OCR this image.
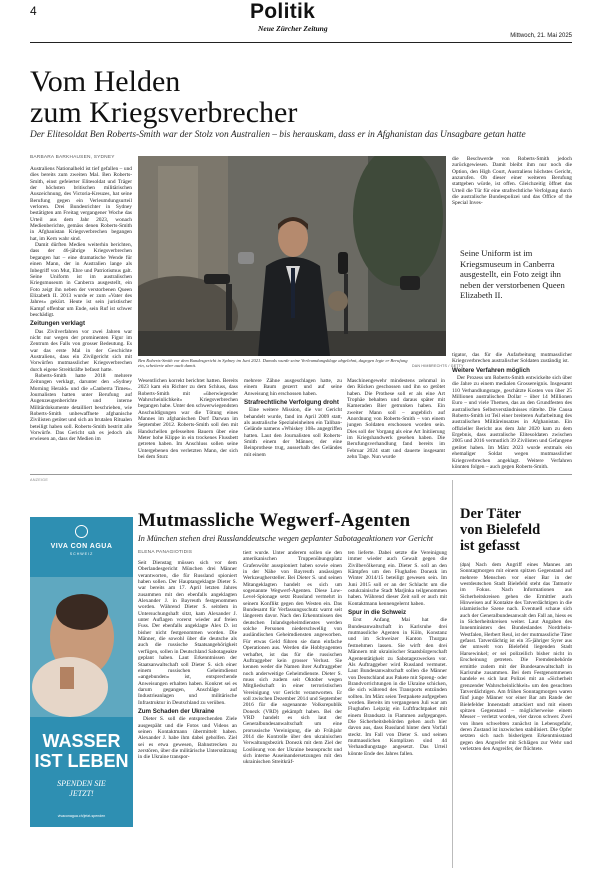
4	Politik
Neue Zürcher Zeitung
Mittwoch, 21. Mai 2025
Vom Helden
zum Kriegsverbrecher
Der Elitesoldat Ben Roberts-Smith war der Stolz von Australien – bis herauskam, dass er in Afghanistan das Unsagbare getan hatte
BARBARA BARKHAUSEN, SYDNEY

Australiens Nationalheld ist tief gefallen – und dies bereits zum zweiten Mal. Ben Roberts-Smith, einst gefeierter Elitesoldat und Träger der höchsten britischen militärischen Auszeichnung, des Victoria-Kreuzes, hat seine Berufung gegen ein Verleumdungsurteil verloren. Drei Bundesrichter in Sydney bestätigten am Freitag vergangener Woche das Urteil aus dem Jahr 2023, wonach Medienberichte, gemäss denen Roberts-Smith in Afghanistan Kriegsverbrechen begangen hat, im Kern wahr sind.

Damit dürften Medien weiterhin berichten, dass der 46-jährige Kriegsverbrechen begangen hat – eine dramatische Wende für einen Mann, der in Australien lange als Inbegriff von Mut, Ehre und Patriotismus galt. Seine Uniform ist im australischen Kriegsmuseum in Canberra ausgestellt, ein Foto zeigt ihn neben der verstorbenen Queen Elizabeth II. 2013 wurde er zum «Vater des Jahres» gekürt. Heute ist sein juristischer Kampf offenbar um Ende, sein Ruf ist schwer beschädigt.

Zeitungen verklagt

Das Zivilverfahren vor zwei Jahren war nicht nur wegen der prominenten Figur im Zentrum des Falls von grosser Bedeutung. Es war das erste Mal in der Geschichte Australiens, dass ein Zivilgericht sich mit Vorwürfen mutmasslicher Kriegsverbrechen durch eigene Streitkräfte befasst hatte.

Roberts-Smith hatte 2018 mehrere Zeitungen verklagt, darunter den «Sydney Morning Herald» und die «Canberra Times». Journalisten hatten unter Berufung auf Augenzeugenberichte und interne Militärdokumente detailliert beschrieben, wie Roberts-Smith unbewaffnete afghanische Zivilisten getötet und sich an brutalen Ritualen beteiligt haben soll. Roberts-Smith bestritt alle Vorwürfe. Das Gericht sah es jedoch als erwiesen an, dass der Medien im

DAN HIMBRECHTS / GETTY
Ben Roberts-Smith vor dem Bundesgericht in Sydney im Juni 2021. Damals wurde seine Verleumdungsklage abgelehnt, dagegen legte er Berufung ein, scheiterte aber auch damit.

Wesentlichen korrekt berichtet hatten. Bereits 2023 kam ein Richter zu dem Schluss, dass Roberts-Smith mit «überwiegender Wahrscheinlichkeit» Kriegsverbrechen begangen habe. Unter den schwerwiegendsten Anschuldigungen war die Tötung eines Mannes im afghanischen Dorf Darwan im September 2012. Roberts-Smith soll den mit Handschellen gefesselten Bauern über eine Meter hohe Klippe in ein trockenes Flussbett getreten haben. Im Anschluss sollen seine Untergebenen den verletzten Mann, der sich bei dem Sturz

mehrere Zähne ausgeschlagen hatte, zu einem Baum gezerrt und auf seine Anweisung hin erschossen haben.

Strafrechtliche Verfolgung droht

Eine weitere Mission, die vor Gericht behandelt wurde, fand im April 2009 statt, als australische Spezialeinheiten ein Taliban-Gelände namens «Whiskey 108» angegriffen hatten. Laut den Journalisten soll Roberts-Smith einem der Männer, der eine Beinprothese trug, ausserhalb des Geländes mit einem

Maschinengewehr mindestens zehnmal in den Rücken geschossen und ihn so getötet haben. Die Prothese soll er als eine Art Trophäe behalten und daraus später mit Kameraden Bier getrunken haben. Ein zweiter Mann soll – angeblich auf Anordnung von Roberts-Smith – von einem jungen Soldaten erschossen worden sein. Dies soll der Vorgang als eine Art Initiierung im Kriegshandwerk gesehen haben. Die Berufungsverhandlung fand bereits im Februar 2024 statt und dauerte insgesamt zehn Tage. Nun wurde

die Beschwerde von Roberts-Smith jedoch zurückgewiesen. Damit bleibt ihm nur noch die Option, den High Court, Australiens höchstes Gericht, anzurufen. Ob dieser einer weiteren Berufung stattgeben würde, ist offen. Gleichzeitig öffnet das Urteil die Tür für eine strafrechtliche Verfolgung durch die australische Bundespolizei und das Office of the Special Inves-

Seine Uniform ist im Kriegsmuseum in Canberra ausgestellt, ein Foto zeigt ihn neben der verstorbenen Queen Elizabeth II.

tigator, das für die Aufarbeitung mutmasslicher Kriegsverbrechen australischer Soldaten zuständig ist.

Weitere Verfahren möglich

Der Prozess um Roberts-Smith entwickelte sich über die Jahre zu einem medialen Grossereignis. Insgesamt 110 Verhandlungstage, geschätzte Kosten von über 25 Millionen australischen Dollar – über 14 Millionen Euro – und viele Themen, das an den Grundfesten des australischen Selbstverständnisses rüttelte. Die Causa Roberts-Smith ist Teil einer breiteren Aufarbeitung des australischen Militäreinsatzes in Afghanistan. Ein offizieller Bericht aus dem Jahr 2020 kam zu dem Ergebnis, dass australische Elitesoldaten zwischen 2005 und 2016 vermutlich 39 Zivilisten und Gefangene getötet haben. Im März 2023 wurde erstmals ein ehemaliger Soldat wegen mutmasslicher Kriegsverbrechen angeklagt. Weitere Verfahren könnten folgen – auch gegen Roberts-Smith.

ANZEIGE
VIVA CON AGUA
SCHWEIZ
WASSER
IST LEBEN
SPENDEN SIE
JETZT!
vivaconagua.ch/jetzt-spenden
Mutmassliche Wegwerf-Agenten
In München stehen drei Russlanddeutsche wegen geplanter Sabotageaktionen vor Gericht
ELENA PANAGIOTIDIS

Seit Dienstag müssen sich vor dem Oberlandesgericht München drei Männer verantworten, die für Russland spioniert haben sollen. Der Hauptangeklagte Dieter S. war bereits am 17. April letzten Jahres zusammen mit den ebenfalls angeklagten Alexander J. in Bayreuth festgenommen worden. Während Dieter S. seitdem in Untersuchungshaft sitzt, kam Alexander J. unter Auflagen vorerst wieder auf freien Fuss. Der ebenfalls angeklagte Alex D. ist bisher nicht festgenommen worden. Die Männer, die sowohl über die deutsche als auch die russische Staatsangehörigkeit verfügen, sollen in Deutschland Sabotageakte geplant haben. Laut Erkenntnissen der Staatsanwaltschaft soll Dieter S. sich einer einem russischen Geheimdienst «angebunden» ist, entsprechende Anweisungen erhalten haben. Konkret sei es darum gegangen, Anschläge auf Industrieanlagen und militärische Infrastruktur in Deutschland zu verüben.

Zum Schaden der Ukraine

Dieter S. soll die entsprechenden Ziele ausgespäht und die Fotos und Videos an seinen Kontaktmann übermittelt haben. Alexander J. habe ihm dabei geholfen. Ziel sei es etwa gewesen, Bahnstrecken zu zerstören, über die militärische Unterstützung in die Ukraine transpor-

tiert wurde. Unter anderem sollen sie den amerikanischen Truppenübungsplatz Grafenwöhr ausspioniert haben sowie einen in der Nähe von Bayreuth ansässigen Werkzeughersteller. Bei Dieter S. und seinen Mitangeklagten handelt es sich um sogenannte Wegwerf-Agenten. Diese Low-Level-Spionage setzt Russland vermehrt in seinem Konflikt gegen den Westen ein. Das Bundesamt für Verfassungsschutz warnt seit längerem davor. Nach den Erkenntnissen des deutschen Inlandsgeheimdienstes werden solche Personen niederschwellig von ausländischen Geheimdiensten angeworben. Für etwas Geld führen sie dann einfache Operationen aus. Werden die Hobbyagenten verhaftet, ist das für die russischen Auftraggeber kein grosser Verlust. Sie kennen weder die Namen ihrer Auftraggeber noch anderweitige Geheimdienste. Dieter S. muss sich zudem seit Oktober wegen Mitgliedschaft in einer terroristischen Vereinigung vor Gericht verantworten. Er soll zwischen Dezember 2014 und September 2016 für die sogenannte Volksrepublik Donezk (VRD) gekämpft haben. Bei der VRD handelt es sich laut der Generalbundesanwaltschaft um eine prorussische Vereinigung, die ab Frühjahr 2014 die Kontrolle über den ukrainischen Verwaltungsbezirk Donezk mit dem Ziel der Loslösung von der Ukraine beansprucht und sich interne Auseinandersetzungen mit den ukrainischen Streitkräf-

ten lieferte. Dabei setzte die Vereinigung immer wieder auch Gewalt gegen die Zivilbevölkerung ein. Dieter S. soll an den Kämpfen um den Flughafen Donezk im Winter 2014/15 beteiligt gewesen sein. Im Juni 2015 soll er an der Schlacht um die ostukrainische Stadt Marjinka teilgenommen haben. Während dieser Zeit soll er auch mit Kontaktmann kennengelernt haben.

Spur in die Schweiz

Erst Anfang Mai hat die Bundesanwaltschaft in Karlsruhe drei mutmassliche Agenten in Köln, Konstanz und im Schweizer Kanton Thurgau festnehmen lassen. Sie wirft den drei Männern mit ukrainischer Staatsbürgerschaft Agententätigkeit zu Sabotagezwecken vor. Als Auftraggeber wird Russland vermutet. Laut Bundesanwaltschaft sollen die Männer von Deutschland aus Pakete mit Spreng- oder Brandvorrichtungen in die Ukraine schicken, die sich während des Transports entzünden sollten. Im März seien Testpakete aufgegeben worden. Bereits im vergangenen Juli war am Flughafen Leipzig ein Luftfrachtpaket mit einem Brandsatz in Flammen aufgegangen. Die Sicherheitsbehörden gehen auch hier davon aus, dass Russland hinter dem Vorfall steckt. Im Fall von Dieter S. und seinen mutmasslichen Komplizen sind 44 Verhandlungstage angesetzt. Das Urteil könnte Ende des Jahres fallen.

Der Täter
von Bielefeld
ist gefasst

(dpa) Nach dem Angriff eines Mannes am Sonntagmorgen mit einem spitzen Gegenstand auf mehrere Menschen vor einer Bar in der westdeutschen Stadt Bielefeld steht das Tatmotiv im Fokus. Nach Informationen aus Sicherheitskreisen gehen die Ermittler auch Hinweisen auf Kontakte des Tatverdächtigen in die islamistische Szene nach. Eventuell schaue sich auch der Generalbundesanwalt den Fall an, hiess es in Sicherheitskreisen weiter. Laut Angaben des Innenministers des Bundeslandes Nordrhein-Westfalen, Herbert Reul, ist der mutmassliche Täter gefasst. Tatverdächtig ist ein 35-jähriger Syrer aus der umwelt von Bielefeld liegenden Stadt Harsewinkel; er sei polizeilich bisher nicht in Erscheinung getreten. Die Fremdenbehörde ermittle zudem mit der Bundesanwaltschaft in Karlsruhe zusammen. Bei dem Festgenommenen handele es sich laut Polizei mit an «Sicherheit grenzender Wahrscheinlichkeit» um den gesuchten Tatverdächtigen. Am frühen Sonntagmorgen waren fünf junge Männer vor einer Bar am Rande der Bielefelder Innenstadt attackiert und mit einem spitzen Gegenstand – möglicherweise einem Messer – verletzt worden, vier davon schwer. Zwei von ihnen schwebten zunächst in Lebensgefahr, deren Zustand ist inzwischen stabilisiert. Die Opfer setzten sich nach bisherigem Erkenntnisstand gegen den Angreifer mit Schlägen zur Wehr und verletzten den Angreifer, der flüchtete.
